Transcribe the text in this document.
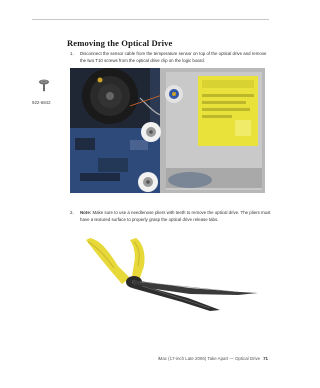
Removing the Optical Drive
1. Disconnect the sensor cable from the temperature sensor on top of the optical drive and remove the two T10 screws from the optical drive clip on the logic board.
922-6842
2. Note: Make sure to use a needlenose pliers with teeth to remove the optical drive. The pliers must have a textured surface to properly grasp the optical drive release tabs.
iMac (17-inch Late 2006) Take Apart — Optical Drive 71
